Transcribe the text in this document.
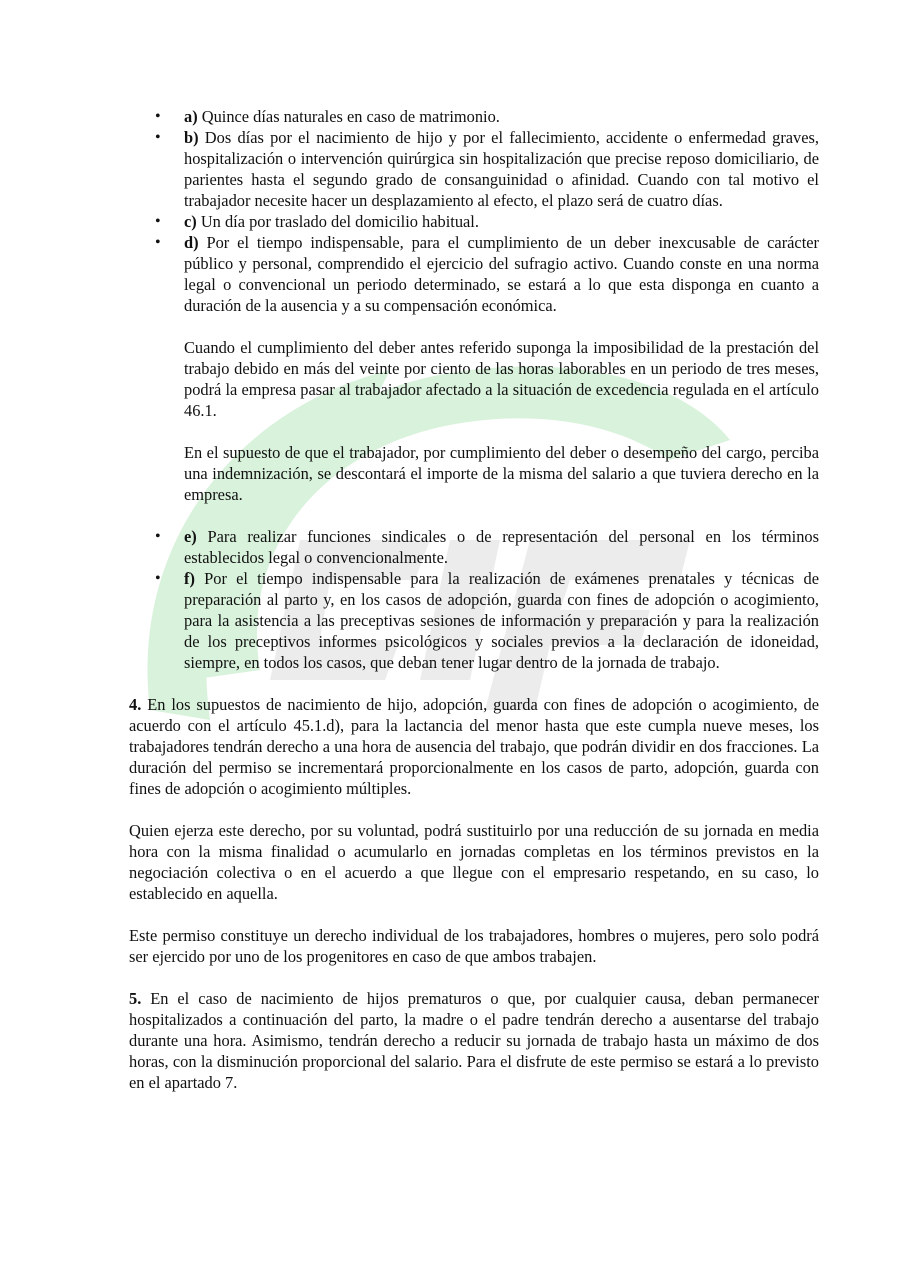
• a) Quince días naturales en caso de matrimonio.
• b) Dos días por el nacimiento de hijo y por el fallecimiento, accidente o enfermedad graves, hospitalización o intervención quirúrgica sin hospitalización que precise reposo domiciliario, de parientes hasta el segundo grado de consanguinidad o afinidad. Cuando con tal motivo el trabajador necesite hacer un desplazamiento al efecto, el plazo será de cuatro días.
• c) Un día por traslado del domicilio habitual.
• d) Por el tiempo indispensable, para el cumplimiento de un deber inexcusable de carácter público y personal, comprendido el ejercicio del sufragio activo. Cuando conste en una norma legal o convencional un periodo determinado, se estará a lo que esta disponga en cuanto a duración de la ausencia y a su compensación económica.

Cuando el cumplimiento del deber antes referido suponga la imposibilidad de la prestación del trabajo debido en más del veinte por ciento de las horas laborables en un periodo de tres meses, podrá la empresa pasar al trabajador afectado a la situación de excedencia regulada en el artículo 46.1.

En el supuesto de que el trabajador, por cumplimiento del deber o desempeño del cargo, perciba una indemnización, se descontará el importe de la misma del salario a que tuviera derecho en la empresa.

• e) Para realizar funciones sindicales o de representación del personal en los términos establecidos legal o convencionalmente.
• f) Por el tiempo indispensable para la realización de exámenes prenatales y técnicas de preparación al parto y, en los casos de adopción, guarda con fines de adopción o acogimiento, para la asistencia a las preceptivas sesiones de información y preparación y para la realización de los preceptivos informes psicológicos y sociales previos a la declaración de idoneidad, siempre, en todos los casos, que deban tener lugar dentro de la jornada de trabajo.

4. En los supuestos de nacimiento de hijo, adopción, guarda con fines de adopción o acogimiento, de acuerdo con el artículo 45.1.d), para la lactancia del menor hasta que este cumpla nueve meses, los trabajadores tendrán derecho a una hora de ausencia del trabajo, que podrán dividir en dos fracciones. La duración del permiso se incrementará proporcionalmente en los casos de parto, adopción, guarda con fines de adopción o acogimiento múltiples.

Quien ejerza este derecho, por su voluntad, podrá sustituirlo por una reducción de su jornada en media hora con la misma finalidad o acumularlo en jornadas completas en los términos previstos en la negociación colectiva o en el acuerdo a que llegue con el empresario respetando, en su caso, lo establecido en aquella.

Este permiso constituye un derecho individual de los trabajadores, hombres o mujeres, pero solo podrá ser ejercido por uno de los progenitores en caso de que ambos trabajen.

5. En el caso de nacimiento de hijos prematuros o que, por cualquier causa, deban permanecer hospitalizados a continuación del parto, la madre o el padre tendrán derecho a ausentarse del trabajo durante una hora. Asimismo, tendrán derecho a reducir su jornada de trabajo hasta un máximo de dos horas, con la disminución proporcional del salario. Para el disfrute de este permiso se estará a lo previsto en el apartado 7.
